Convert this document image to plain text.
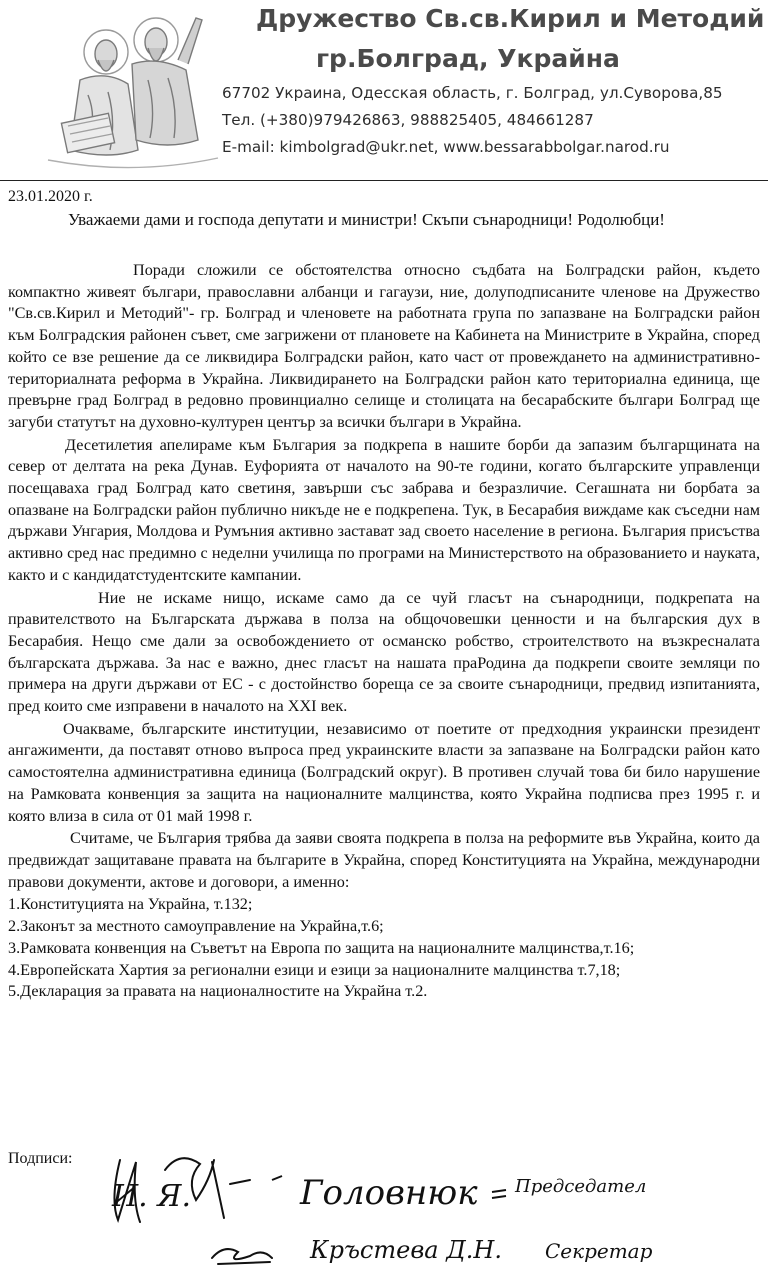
Дружество Св.св.Кирил и Методий
гр.Болград, Украйна
67702 Украина, Одесская область, г. Болград, ул.Суворова,85
Тел. (+380)979426863, 988825405, 484661287
E-mail: kimbolgrad@ukr.net, www.bessarabbolgar.narod.ru
23.01.2020 г.
Уважаеми дами и господа депутати и министри! Скъпи сънародници! Родолюбци!

Поради сложили се обстоятелства относно съдбата на Болградски район, където компактно живеят българи, православни албанци и гагаузи, ние, долуподписаните членове на Дружество "Св.св.Кирил и Методий"- гр. Болград и членовете на работната група по запазване на Болградски район към Болградския районен съвет, сме загрижени от плановете на Кабинета на Министрите в Украйна, според който се взе решение да се ликвидира Болградски район, като част от провеждането на административно-териториалната реформа в Украйна. Ликвидирането на Болградски район като териториална единица, ще превърне град Болград в редовно провинциално селище и столицата на бесарабските българи Болград ще загуби статутът на духовно-културен център за всички българи в Украйна.

Десетилетия апелираме към България за подкрепа в нашите борби да запазим българщината на север от делтата на река Дунав. Еуфорията от началото на 90-те години, когато българските управленци посещаваха град Болград като светиня, завърши със забрава и безразличие. Сегашната ни борбата за опазване на Болградски район публично никъде не е подкрепена. Тук, в Бесарабия виждаме как съседни нам държави Унгария, Молдова и Румъния активно застават зад своето население в региона. България присъства активно сред нас предимно с неделни училища по програми на Министерството на образованието и науката, както и с кандидатстудентските кампании.

Ние не искаме нищо, искаме само да се чуй гласът на сънародници, подкрепата на правителството на Българската държава в полза на общочовешки ценности и на българския дух в Бесарабия. Нещо сме дали за освобождението от османско робство, строителството на възкресналата българската държава. За нас е важно, днес гласът на нашата праРодина да подкрепи своите земляци по примера на други държави от ЕС - с достойнство бореща се за своите сънародници, предвид изпитанията, пред които сме изправени в началото на XXI век.

Очакваме, българските институции, независимо от поетите от предходния украински президент ангажименти, да поставят отново въпроса пред украинските власти за запазване на Болградски район като самостоятелна административна единица (Болградский округ). В противен случай това би било нарушение на Рамковата конвенция за защита на националните малцинства, която Украйна подписва през 1995 г. и която влиза в сила от 01 май 1998 г.

Считаме, че България трябва да заяви своята подкрепа в полза на реформите във Украйна, които да предвиждат защитаване правата на българите в Украйна, според Конституцията на Украйна, международни правови документи, актове и договори, а именно:

1.Конституцията на Украйна, т.132;
2.Законът за местното самоуправление на Украйна,т.6;
3.Рамковата конвенция на Съветът на Европа по защита на националните малцинства,т.16;
4.Европейската Хартия за регионални езици и езици за националните малцинства т.7,18;
5.Декларация за правата на националностите на Украйна т.2.
Подписи:
И. Я.	Головнюк Председател
Кръстева Д.Н. Секретар
